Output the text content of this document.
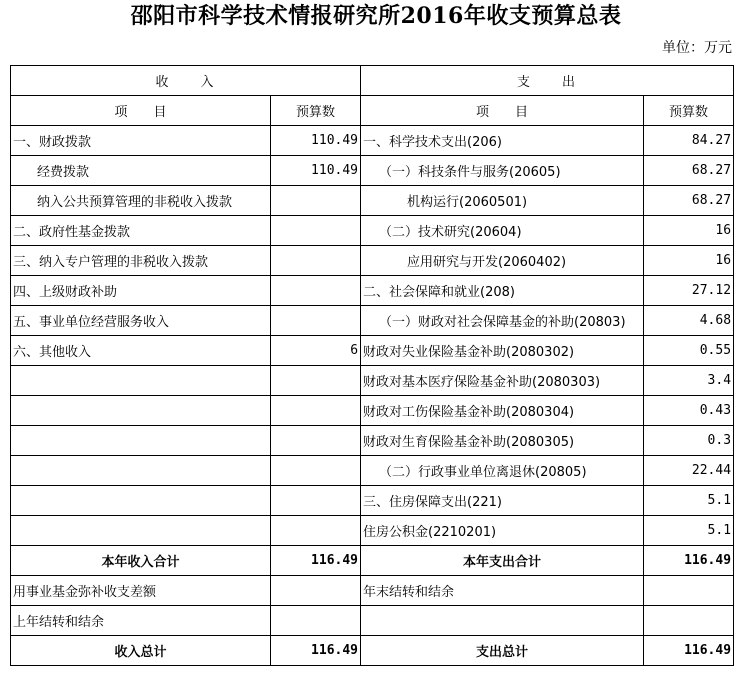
邵阳市科学技术情报研究所2016年收支预算总表
单位：万元
收　　入		支　　出	
项　　目	预算数	项　　目	预算数
一、财政拨款	110.49	一、科学技术支出(206)	84.27
经费拨款	110.49	（一）科技条件与服务(20605)	68.27
纳入公共预算管理的非税收入拨款		机构运行(2060501)	68.27
二、政府性基金拨款		（二）技术研究(20604)	16
三、纳入专户管理的非税收入拨款		应用研究与开发(2060402)	16
四、上级财政补助		二、社会保障和就业(208)	27.12
五、事业单位经营服务收入		（一）财政对社会保障基金的补助(20803)	4.68
六、其他收入	6	财政对失业保险基金补助(2080302)	0.55
		财政对基本医疗保险基金补助(2080303)	3.4
		财政对工伤保险基金补助(2080304)	0.43
		财政对生育保险基金补助(2080305)	0.3
		（二）行政事业单位离退休(20805)	22.44
		三、住房保障支出(221)	5.1
		住房公积金(2210201)	5.1
本年收入合计	116.49	本年支出合计	116.49
用事业基金弥补收支差额		年末结转和结余	
上年结转和结余			
收入总计	116.49	支出总计	116.49
